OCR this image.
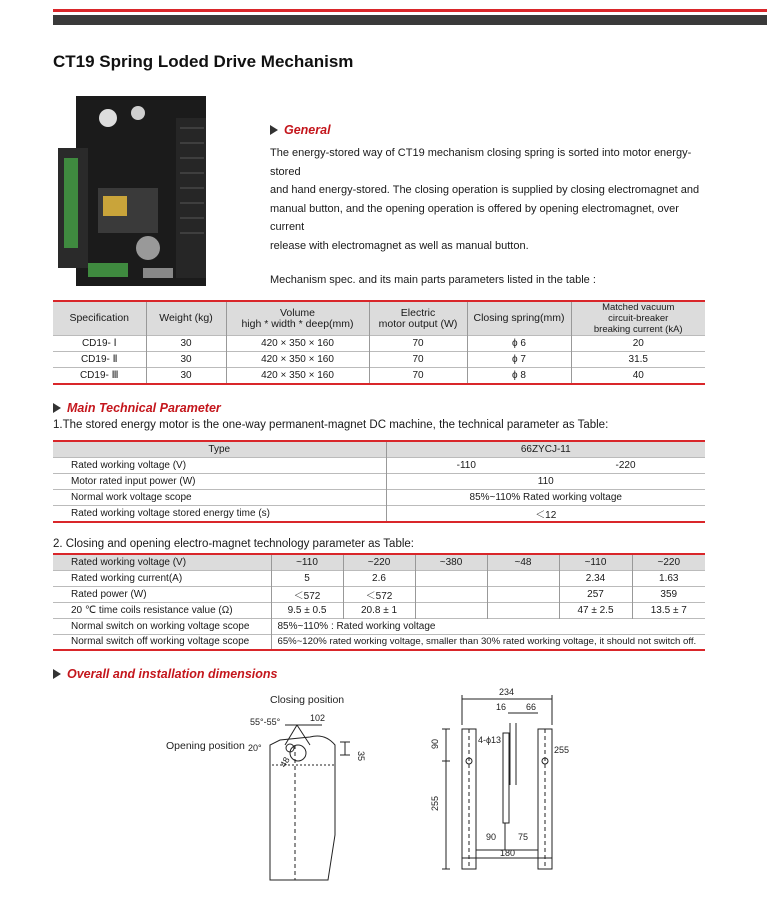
CT19 Spring Loded Drive Mechanism
General
The energy-stored way of CT19 mechanism closing spring is sorted into motor energy-stored
and hand energy-stored. The closing operation is supplied by closing electromagnet and
manual button, and the opening operation is offered by opening electromagnet, over current
release with electromagnet as well as manual button.
Mechanism spec. and its main parts parameters listed in the table :
Specification	Weight (kg)	Volume
high * width * deep(mm)	Electric
motor output (W)	Closing spring(mm)	Matched vacuum
circuit-breaker
breaking current (kA)
CD19- Ⅰ	30	420 × 350 × 160	70	ϕ 6	20
CD19- Ⅱ	30	420 × 350 × 160	70	ϕ 7	31.5
CD19- Ⅲ	30	420 × 350 × 160	70	ϕ 8	40
Main Technical Parameter
1.The stored energy motor is the one-way permanent-magnet DC machine, the technical parameter as Table:
Type	66ZYCJ-11	
Rated working voltage (V)	-110	-220
Motor rated input power (W)	110	
Normal work voltage scope	85%~110% Rated working voltage	
Rated working voltage stored energy time (s)	＜12	
2. Closing and opening electro-magnet technology parameter as Table:
Rated working voltage (V)	~110	~220	~380	~48	~110	~220
Rated working current(A)	5	2.6			2.34	1.63
Rated power (W)	＜572	＜572			257	359
20 ℃ time coils resistance value (Ω)	9.5 ± 0.5	20.8 ± 1			47 ± 2.5	13.5 ± 7
Normal switch on working voltage scope	85%~110% : Rated working voltage					
Normal switch off working voltage scope	65%~120% rated working voltage, smaller than 30% rated working voltage, it should not switch off.					
Overall and installation dimensions
Closing position
Opening position
55°-55°	102
20°
48	35
234
16 66
4-ϕ13
90
255
255
90 75
180
